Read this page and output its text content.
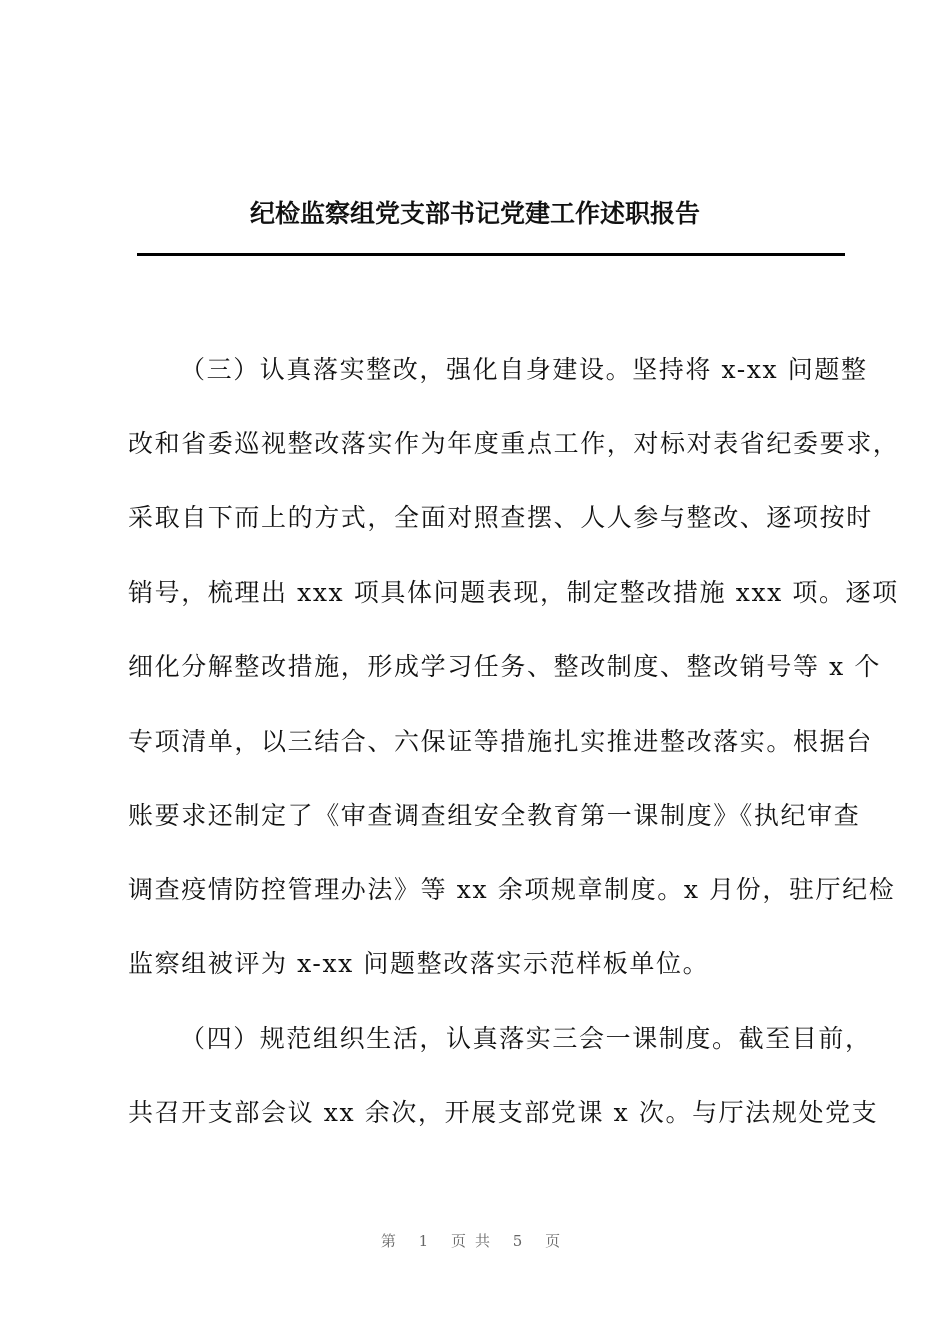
纪检监察组党支部书记党建工作述职报告

（三）认真落实整改，强化自身建设。坚持将 x-xx 问题整

改和省委巡视整改落实作为年度重点工作，对标对表省纪委要求，

采取自下而上的方式，全面对照查摆、人人参与整改、逐项按时

销号，梳理出 xxx 项具体问题表现，制定整改措施 xxx 项。逐项

细化分解整改措施，形成学习任务、整改制度、整改销号等 x 个

专项清单，以三结合、六保证等措施扎实推进整改落实。根据台

账要求还制定了《审查调查组安全教育第一课制度》《执纪审查

调查疫情防控管理办法》等 xx 余项规章制度。x 月份，驻厅纪检

监察组被评为 x-xx 问题整改落实示范样板单位。

（四）规范组织生活，认真落实三会一课制度。截至目前，

共召开支部会议 xx 余次，开展支部党课 x 次。与厅法规处党支

第 1 页共 5 页
